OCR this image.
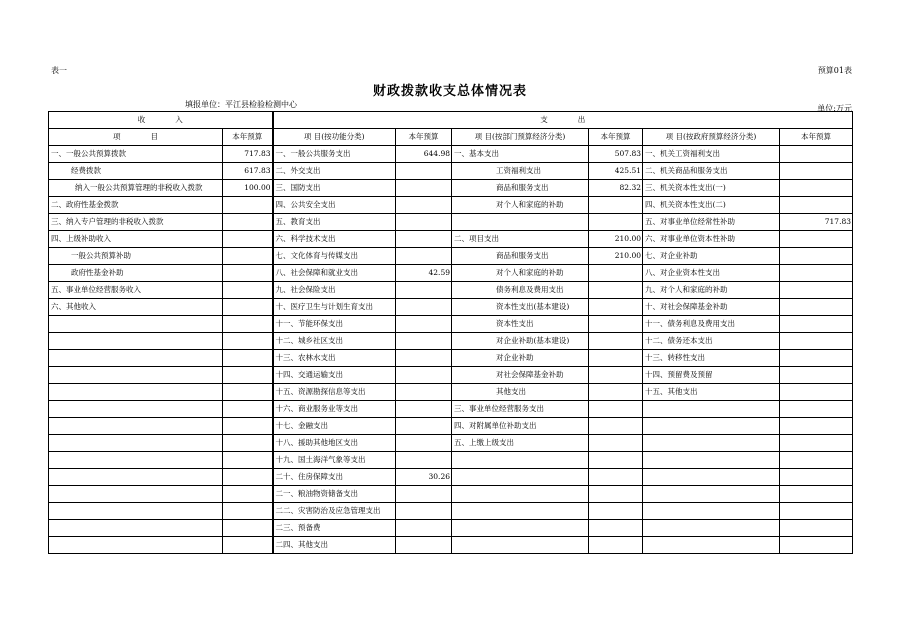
表一	预算01表
财政拨款收支总体情况表
填报单位：平江县检验检测中心	单位:万元
收　　　　入		支　　　　出					
项　　　　目	本年预算	项 目(按功能分类)	本年预算	项 目(按部门预算经济分类)	本年预算	项 目(按政府预算经济分类)	本年预算
一、一般公共预算拨款	717.83	一、一般公共服务支出	644.98	一、基本支出	507.83	一、机关工资福利支出	
经费拨款	617.83	二、外交支出		工资福利支出	425.51	二、机关商品和服务支出	
纳入一般公共预算管理的非税收入拨款	100.00	三、国防支出		商品和服务支出	82.32	三、机关资本性支出(一)	
二、政府性基金拨款		四、公共安全支出		对个人和家庭的补助		四、机关资本性支出(二)	
三、纳入专户管理的非税收入拨款		五、教育支出				五、对事业单位经常性补助	717.83
四、上级补助收入		六、科学技术支出		二、项目支出	210.00	六、对事业单位资本性补助	
一般公共预算补助		七、文化体育与传媒支出		商品和服务支出	210.00	七、对企业补助	
政府性基金补助		八、社会保障和就业支出	42.59	对个人和家庭的补助		八、对企业资本性支出	
五、事业单位经营服务收入		九、社会保险支出		债务利息及费用支出		九、对个人和家庭的补助	
六、其他收入		十、医疗卫生与计划生育支出		资本性支出(基本建设)		十、对社会保障基金补助	
		十一、节能环保支出		资本性支出		十一、债务利息及费用支出	
		十二、城乡社区支出		对企业补助(基本建设)		十二、债务还本支出	
		十三、农林水支出		对企业补助		十三、转移性支出	
		十四、交通运输支出		对社会保障基金补助		十四、预留费及预留	
		十五、资源勘探信息等支出		其他支出		十五、其他支出	
		十六、商业服务业等支出		三、事业单位经营服务支出			
		十七、金融支出		四、对附属单位补助支出			
		十八、援助其他地区支出		五、上缴上级支出			
		十九、国土海洋气象等支出					
		二十、住房保障支出	30.26				
		二一、粮油物资储备支出					
		二二、灾害防治及应急管理支出					
		二三、预备费					
		二四、其他支出					
